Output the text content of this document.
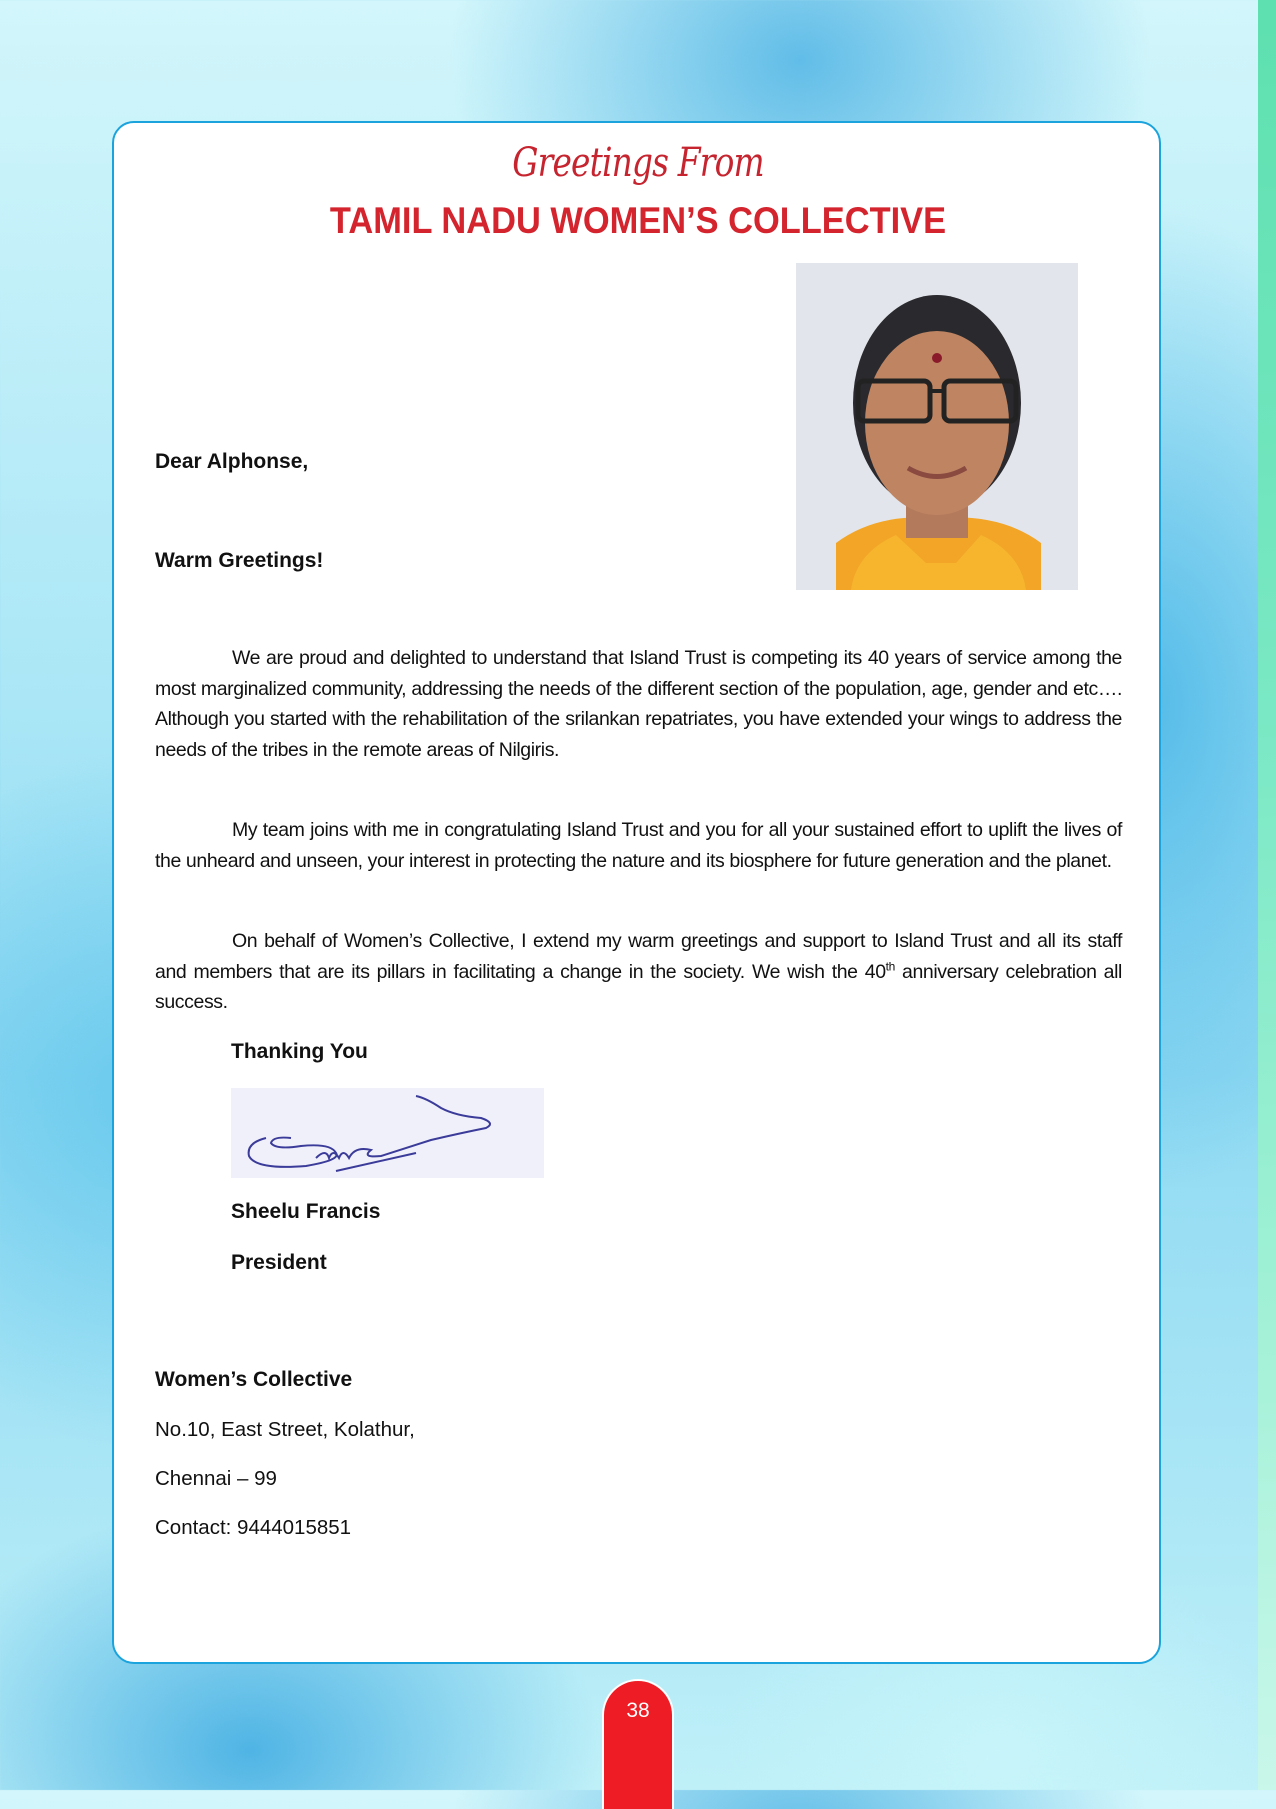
Greetings From
TAMIL NADU WOMEN’S COLLECTIVE
Dear Alphonse,
Warm Greetings!
We are proud and delighted to understand that Island Trust is competing its 40 years of service among the most marginalized community, addressing the needs of the different section of the population, age, gender and etc…. Although you started with the rehabilitation of the srilankan repatriates, you have extended your wings to address the needs of the tribes in the remote areas of Nilgiris.
My team joins with me in congratulating Island Trust and you for all your sustained effort to uplift the lives of the unheard and unseen, your interest in protecting the nature and its biosphere for future generation and the planet.
On behalf of Women’s Collective, I extend my warm greetings and support to Island Trust and all its staff and members that are its pillars in facilitating a change in the society. We wish the 40th anniversary celebration all success.
Thanking You
Sheelu Francis
President
Women’s Collective
No.10, East Street, Kolathur,
Chennai – 99
Contact: 9444015851
38
